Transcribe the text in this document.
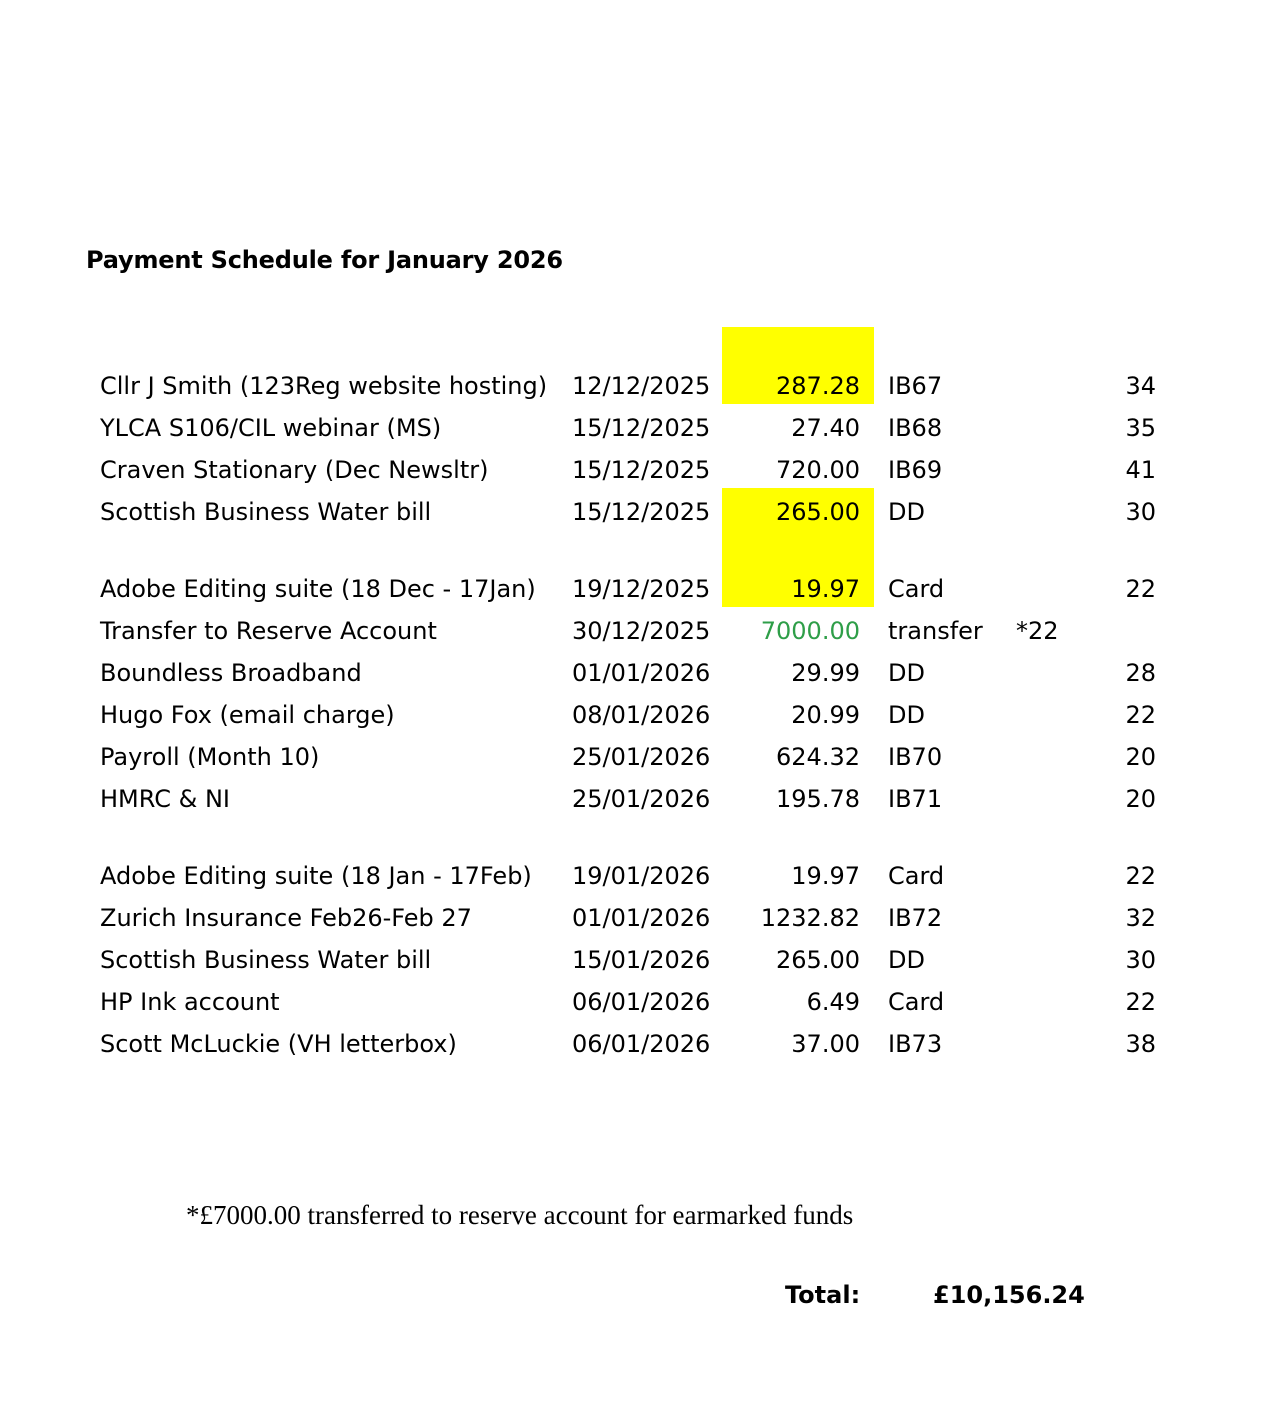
Payment Schedule for January 2026
Cllr J Smith (123Reg website hosting)	12/12/2025	287.28	IB67		34
YLCA S106/CIL webinar (MS)	15/12/2025	27.40	IB68		35
Craven Stationary (Dec Newsltr)	15/12/2025	720.00	IB69		41
Scottish Business Water bill	15/12/2025	265.00	DD		30
Adobe Editing suite (18 Dec - 17Jan)	19/12/2025	19.97	Card		22
Transfer to Reserve Account	30/12/2025	7000.00	transfer	*22	
Boundless Broadband	01/01/2026	29.99	DD		28
Hugo Fox (email charge)	08/01/2026	20.99	DD		22
Payroll (Month 10)	25/01/2026	624.32	IB70		20
HMRC & NI	25/01/2026	195.78	IB71		20
Adobe Editing suite (18 Jan - 17Feb)	19/01/2026	19.97	Card		22
Zurich Insurance Feb26-Feb 27	01/01/2026	1232.82	IB72		32
Scottish Business Water bill	15/01/2026	265.00	DD		30
HP Ink account	06/01/2026	6.49	Card		22
Scott McLuckie (VH letterbox)	06/01/2026	37.00	IB73		38
*£7000.00 transferred to reserve account for earmarked funds
Total:	£10,156.24
